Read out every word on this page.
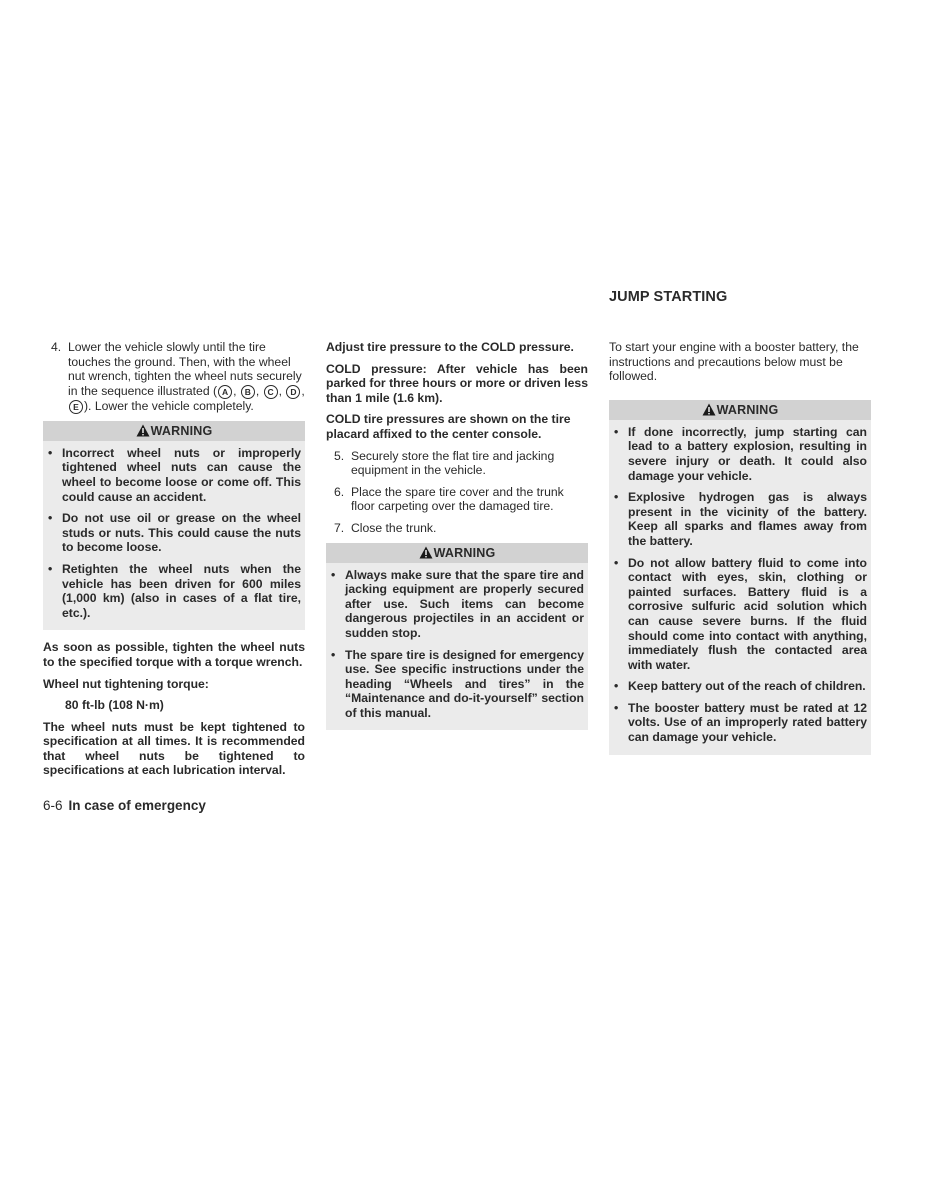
JUMP STARTING
4. Lower the vehicle slowly until the tire touches the ground. Then, with the wheel nut wrench, tighten the wheel nuts securely in the sequence illustrated ( A , B , C , D , E ). Lower the vehicle completely.
WARNING
• Incorrect wheel nuts or improperly tightened wheel nuts can cause the wheel to become loose or come off. This could cause an accident.
• Do not use oil or grease on the wheel studs or nuts. This could cause the nuts to become loose.
• Retighten the wheel nuts when the vehicle has been driven for 600 miles (1,000 km) (also in cases of a flat tire, etc.).

As soon as possible, tighten the wheel nuts to the specified torque with a torque wrench.

Wheel nut tightening torque:

80 ft-lb (108 N·m)

The wheel nuts must be kept tightened to specification at all times. It is recommended that wheel nuts be tightened to specifications at each lubrication interval.

Adjust tire pressure to the COLD pressure.

COLD pressure: After vehicle has been parked for three hours or more or driven less than 1 mile (1.6 km).

COLD tire pressures are shown on the tire placard affixed to the center console.

5. Securely store the flat tire and jacking equipment in the vehicle.
6. Place the spare tire cover and the trunk floor carpeting over the damaged tire.
7. Close the trunk.
WARNING
• Always make sure that the spare tire and jacking equipment are properly secured after use. Such items can become dangerous projectiles in an accident or sudden stop.
• The spare tire is designed for emergency use. See specific instructions under the heading “Wheels and tires” in the “Maintenance and do-it-yourself” section of this manual.

To start your engine with a booster battery, the instructions and precautions below must be followed.

WARNING
• If done incorrectly, jump starting can lead to a battery explosion, resulting in severe injury or death. It could also damage your vehicle.
• Explosive hydrogen gas is always present in the vicinity of the battery. Keep all sparks and flames away from the battery.
• Do not allow battery fluid to come into contact with eyes, skin, clothing or painted surfaces. Battery fluid is a corrosive sulfuric acid solution which can cause severe burns. If the fluid should come into contact with anything, immediately flush the contacted area with water.
• Keep battery out of the reach of children.
• The booster battery must be rated at 12 volts. Use of an improperly rated battery can damage your vehicle.
6-6 In case of emergency
